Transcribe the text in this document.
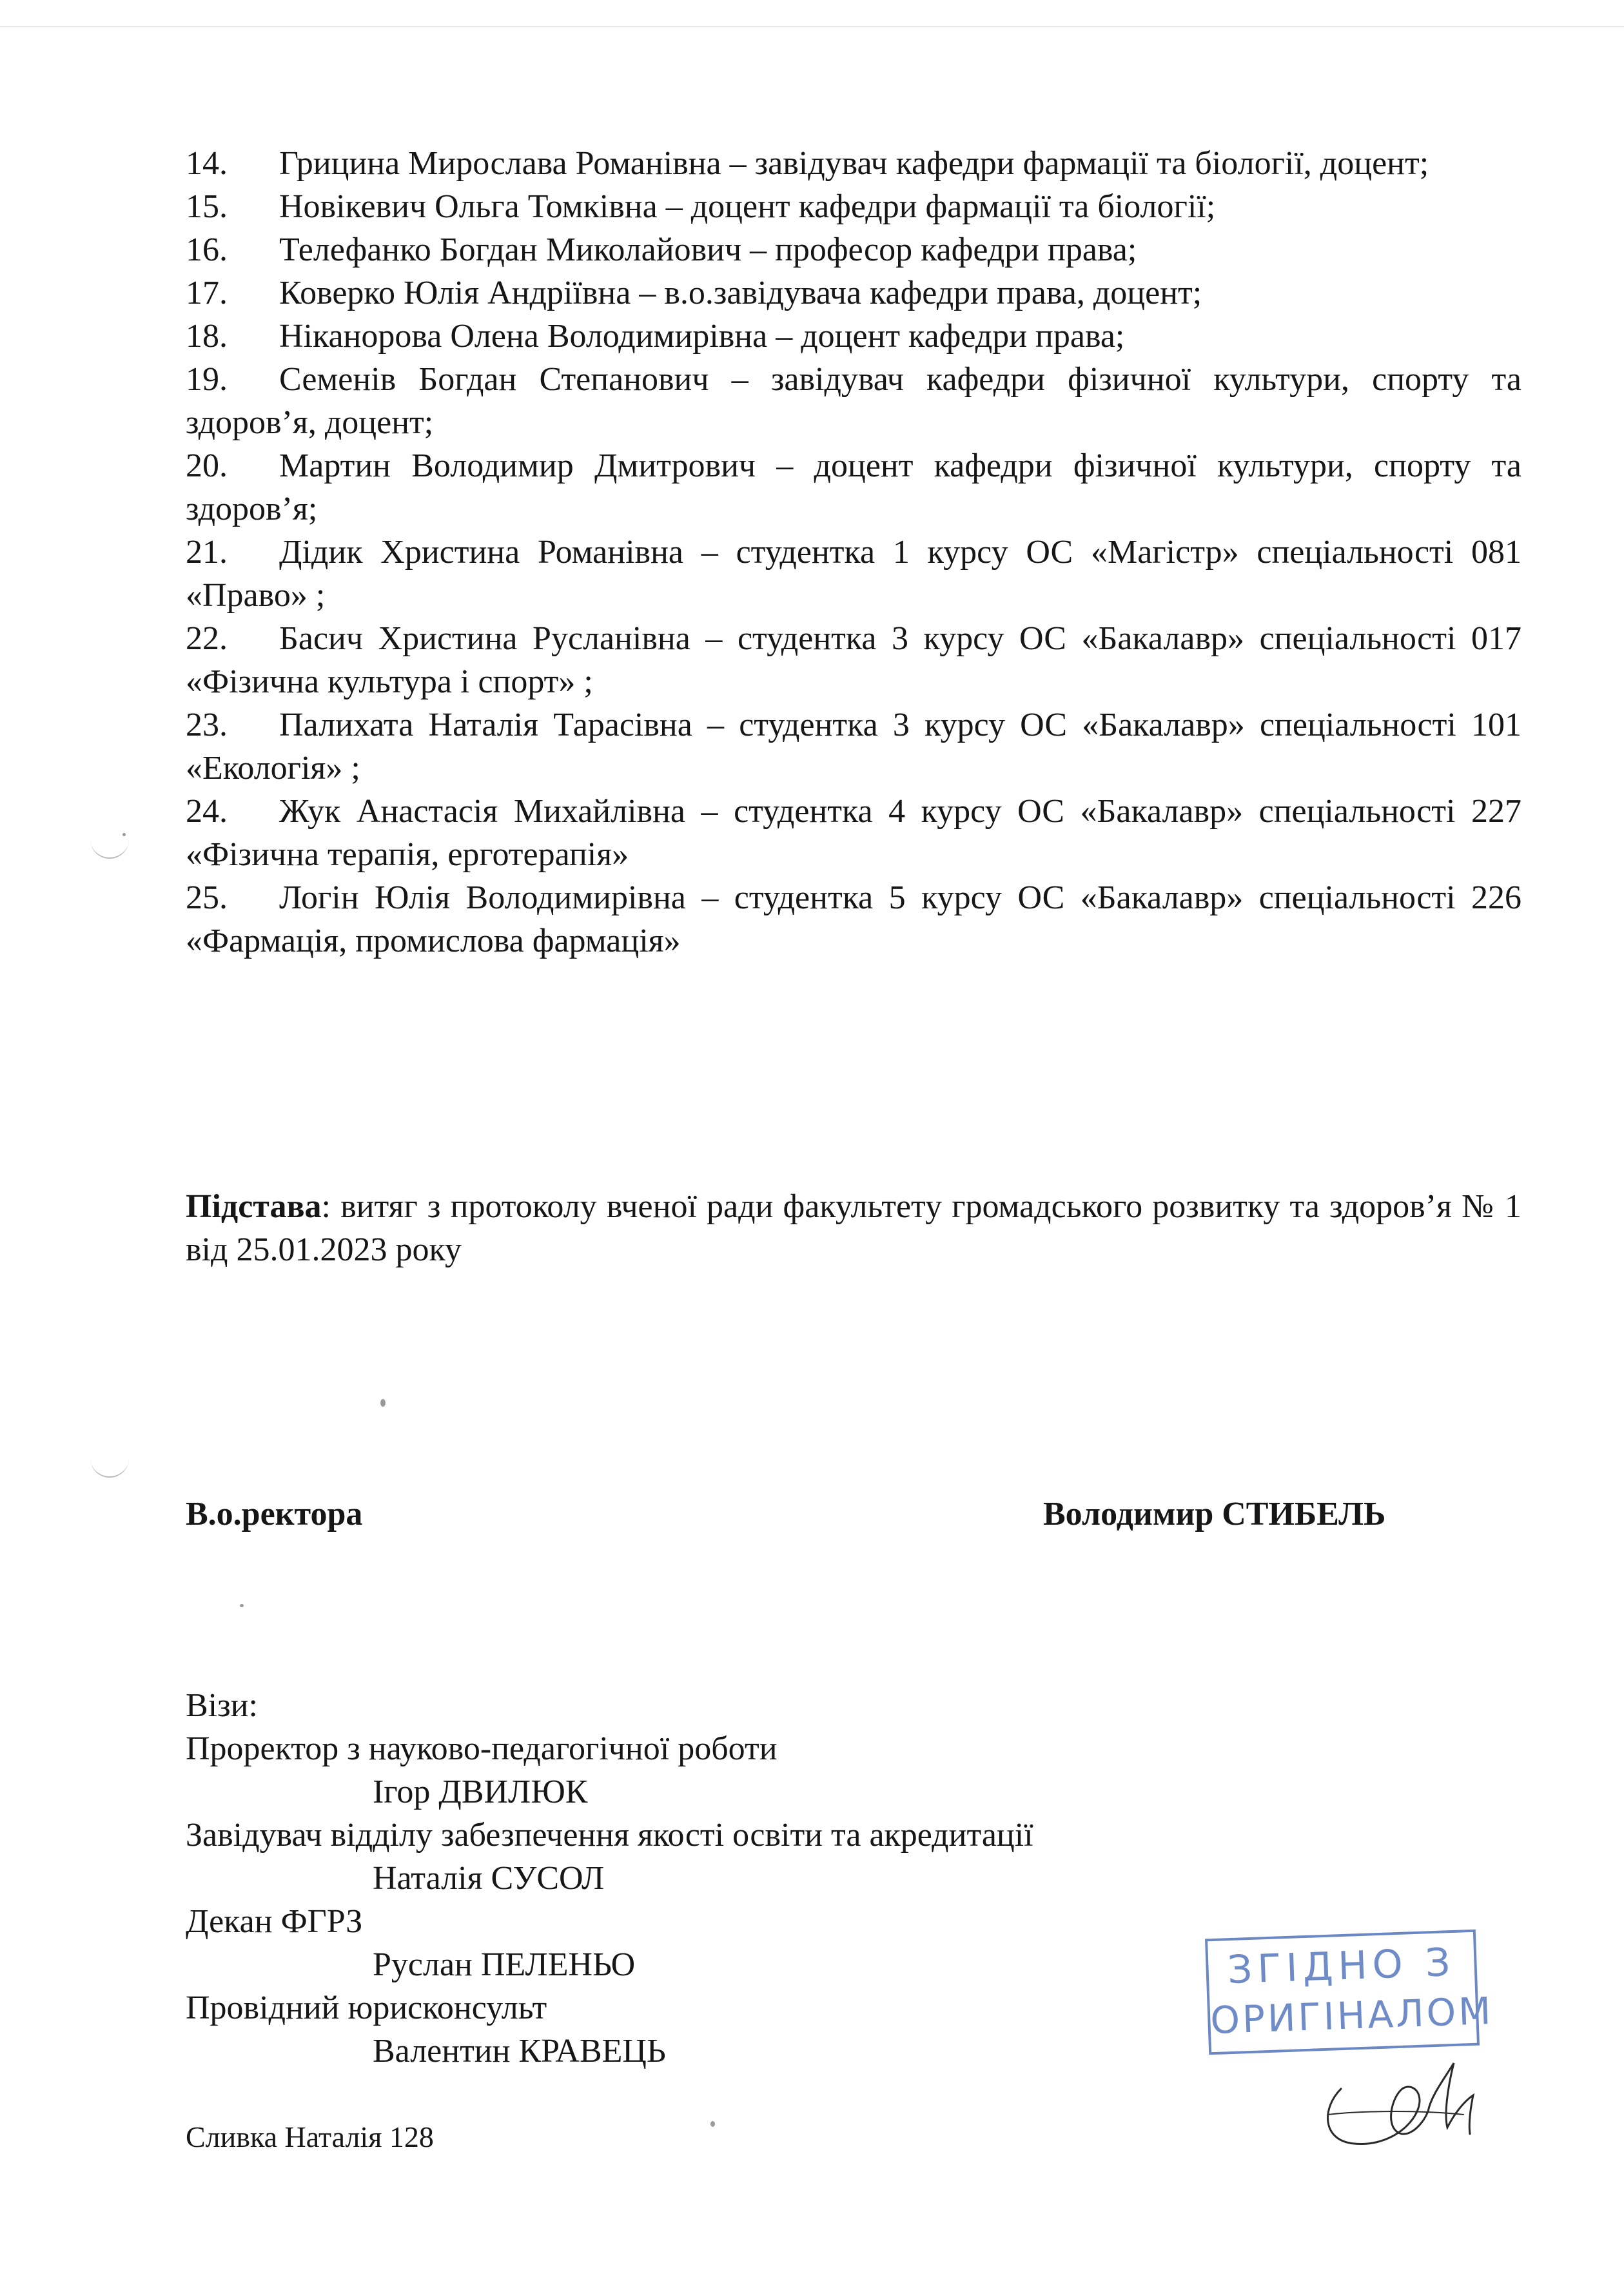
14. Грицина Мирослава Романівна – завідувач кафедри фармації та біології, доцент;
15. Новікевич Ольга Томківна – доцент кафедри фармації та біології;
16. Телефанко Богдан Миколайович – професор кафедри права;
17. Коверко Юлія Андріївна – в.о.завідувача кафедри права, доцент;
18. Ніканорова Олена Володимирівна – доцент кафедри права;
19. Семенів Богдан Степанович – завідувач кафедри фізичної культури, спорту та здоров’я, доцент;
20. Мартин Володимир Дмитрович – доцент кафедри фізичної культури, спорту та здоров’я;
21. Дідик Христина Романівна – студентка 1 курсу ОС «Магістр» спеціальності 081 «Право» ;
22. Басич Христина Русланівна – студентка 3 курсу ОС «Бакалавр» спеціальності 017 «Фізична культура і спорт» ;
23. Палихата Наталія Тарасівна – студентка 3 курсу ОС «Бакалавр» спеціальності 101 «Екологія» ;
24. Жук Анастасія Михайлівна – студентка 4 курсу ОС «Бакалавр» спеціальності 227 «Фізична терапія, ерготерапія»
25. Логін Юлія Володимирівна – студентка 5 курсу ОС «Бакалавр» спеціальності 226 «Фармація, промислова фармація»
Підстава: витяг з протоколу вченої ради факультету громадського розвитку та здоров’я № 1 від 25.01.2023 року
В.о.ректора	Володимир СТИБЕЛЬ
Візи:
Проректор з науково-педагогічної роботи
Ігор ДВИЛЮК
Завідувач відділу забезпечення якості освіти та акредитації
Наталія СУСОЛ
Декан ФГРЗ
Руслан ПЕЛЕНЬО
Провідний юрисконсульт
Валентин КРАВЕЦЬ
Сливка Наталія 128
ЗГІДНО З
ОРИГІНАЛОМ
